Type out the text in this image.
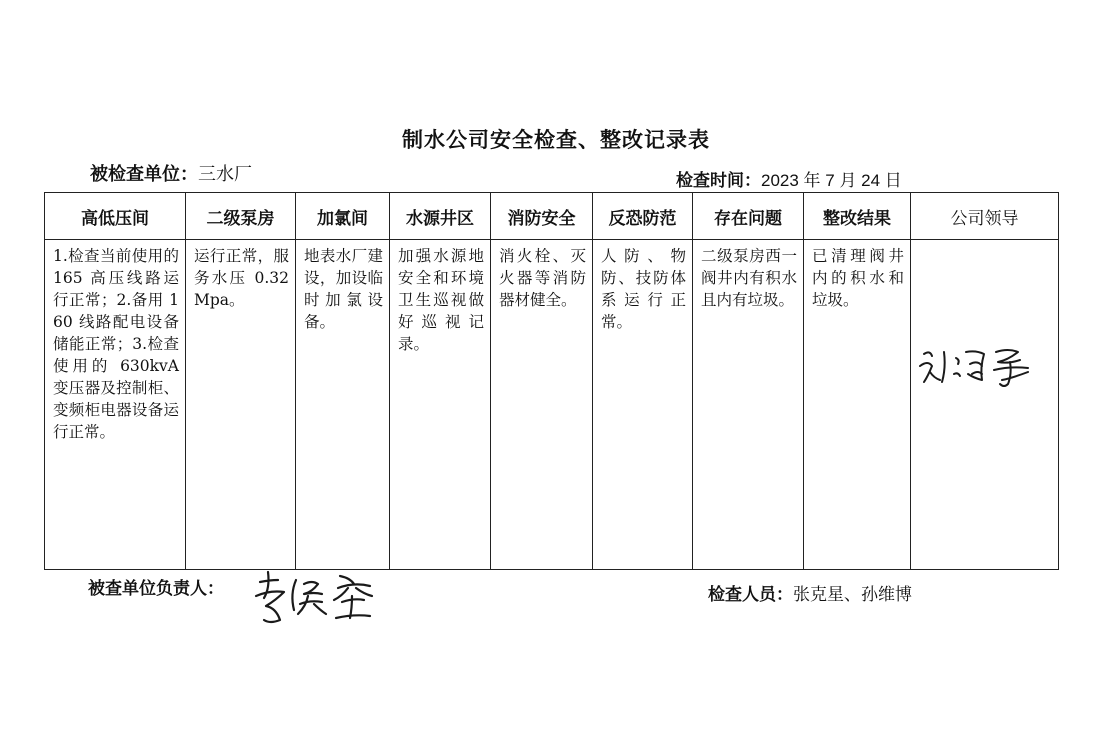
制水公司安全检查、整改记录表
被检查单位：三水厂	检查时间：2023 年 7 月 24 日
高低压间	二级泵房	加氯间	水源井区	消防安全	反恐防范	存在问题	整改结果	公司领导
1.检查当前使用的 165 高压线路运行正常；2.备用 160 线路配电设备储能正常；3.检查使用的 630kvA 变压器及控制柜、变频柜电器设备运行正常。	运行正常，服务水压 0.32Mpa。	地表水厂建设，加设临时加氯设备。	加强水源地安全和环境卫生巡视做好巡视记录。	消火栓、灭火器等消防器材健全。	人防、物防、技防体系运行正常。	二级泵房西一阀井内有积水且内有垃圾。	已清理阀井内的积水和垃圾。	
被查单位负责人：	检查人员：张克星、孙维博
